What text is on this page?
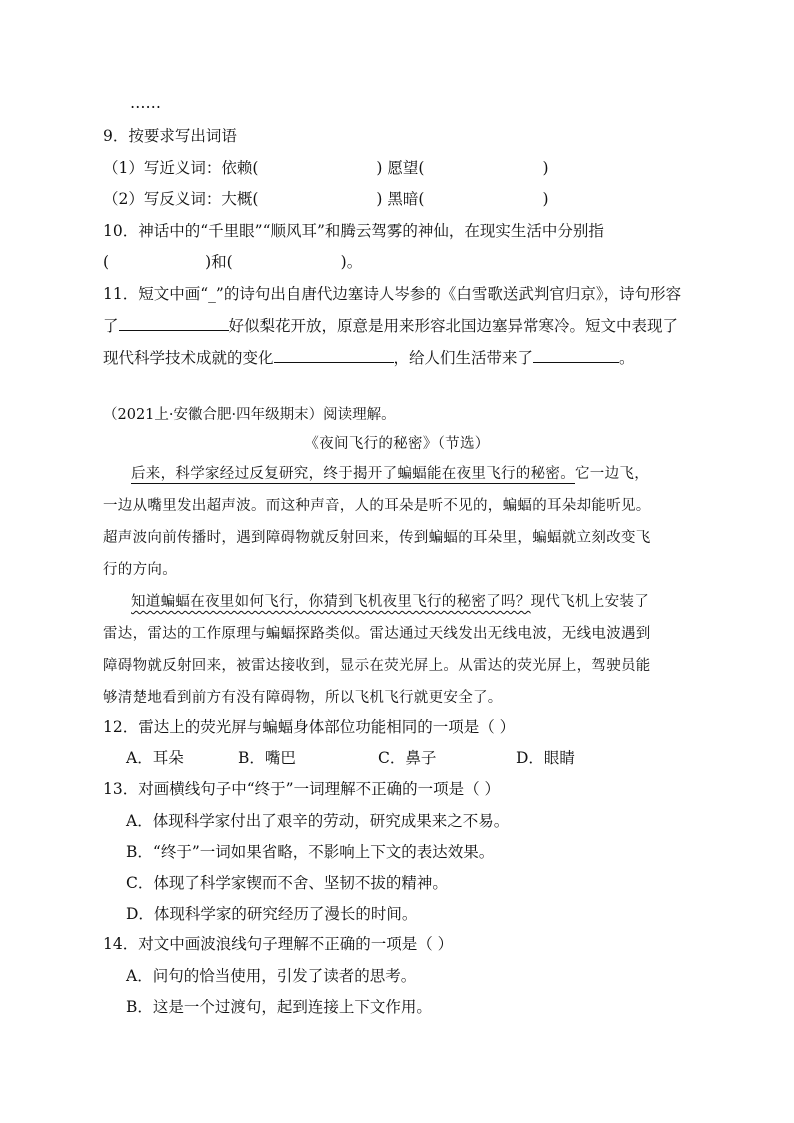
……
9．按要求写出词语
（1）写近义词：依赖(	) 愿望(	)
（2）写反义词：大概(	) 黑暗(	)
10．神话中的“千里眼”“顺风耳”和腾云驾雾的神仙，在现实生活中分别指
(	)和(	)。
11．短文中画“_”的诗句出自唐代边塞诗人岑参的《白雪歌送武判官归京》，诗句形容
了	好似梨花开放，原意是用来形容北国边塞异常寒冷。短文中表现了
现代科学技术成就的变化	，给人们生活带来了	。
（2021上·安徽合肥·四年级期末）阅读理解。
《夜间飞行的秘密》（节选）
后来，科学家经过反复研究，终于揭开了蝙蝠能在夜里飞行的秘密。它一边飞，
一边从嘴里发出超声波。而这种声音，人的耳朵是听不见的，蝙蝠的耳朵却能听见。
超声波向前传播时，遇到障碍物就反射回来，传到蝙蝠的耳朵里，蝙蝠就立刻改变飞
行的方向。
知道蝙蝠在夜里如何飞行，你猜到飞机夜里飞行的秘密了吗？现代飞机上安装了
雷达，雷达的工作原理与蝙蝠探路类似。雷达通过天线发出无线电波，无线电波遇到
障碍物就反射回来，被雷达接收到，显示在荧光屏上。从雷达的荧光屏上，驾驶员能
够清楚地看到前方有没有障碍物，所以飞机飞行就更安全了。
12．雷达上的荧光屏与蝙蝠身体部位功能相同的一项是（ ）
A．耳朵	B．嘴巴	C．鼻子	D．眼睛
13．对画横线句子中“终于”一词理解不正确的一项是（ ）
A．体现科学家付出了艰辛的劳动，研究成果来之不易。
B．“终于”一词如果省略，不影响上下文的表达效果。
C．体现了科学家锲而不舍、坚韧不拔的精神。
D．体现科学家的研究经历了漫长的时间。
14．对文中画波浪线句子理解不正确的一项是（ ）
A．问句的恰当使用，引发了读者的思考。
B．这是一个过渡句，起到连接上下文作用。
